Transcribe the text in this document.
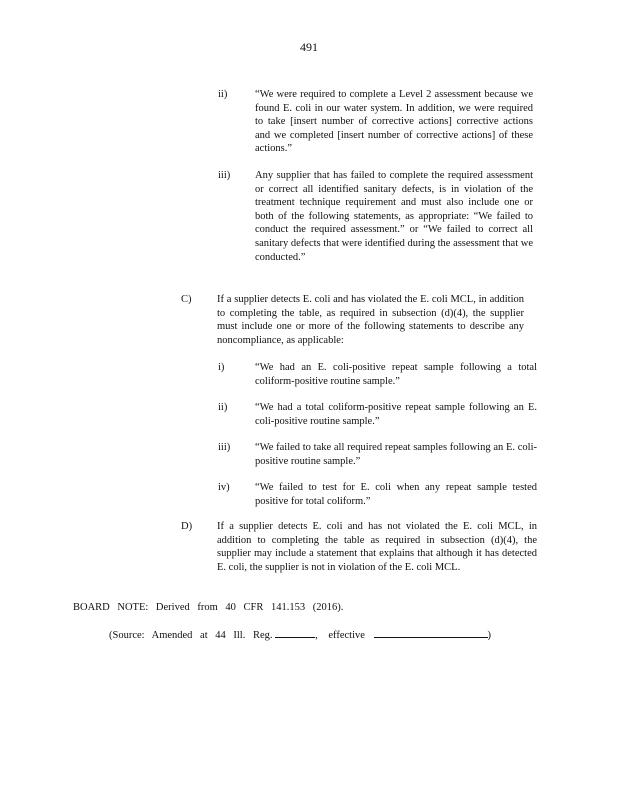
491
ii)	“We were required to complete a Level 2 assessment because we found E. coli in our water system. In addition, we were required to take [insert number of corrective actions] corrective actions and we completed [insert number of corrective actions] of these actions.”
iii) Any supplier that has failed to complete the required assessment or correct all identified sanitary defects, is in violation of the treatment technique requirement and must also include one or both of the following statements, as appropriate: “We failed to conduct the required assessment.” or “We failed to correct all sanitary defects that were identified during the assessment that we conducted.”
C) If a supplier detects E. coli and has violated the E. coli MCL, in addition to completing the table, as required in subsection (d)(4), the supplier must include one or more of the following statements to describe any noncompliance, as applicable:
i)	“We had an E. coli-positive repeat sample following a total coliform-positive routine sample.”
ii)	“We had a total coliform-positive repeat sample following an E. coli-positive routine sample.”
iii) “We failed to take all required repeat samples following an E. coli-positive routine sample.”
iv) “We failed to test for E. coli when any repeat sample tested positive for total coliform.”
D) If a supplier detects E. coli and has not violated the E. coli MCL, in addition to completing the table as required in subsection (d)(4), the supplier may include a statement that explains that although it has detected E. coli, the supplier is not in violation of the E. coli MCL.
BOARD NOTE: Derived from 40 CFR 141.153 (2016).
(Source: Amended at 44 Ill. Reg.	, effective	)
